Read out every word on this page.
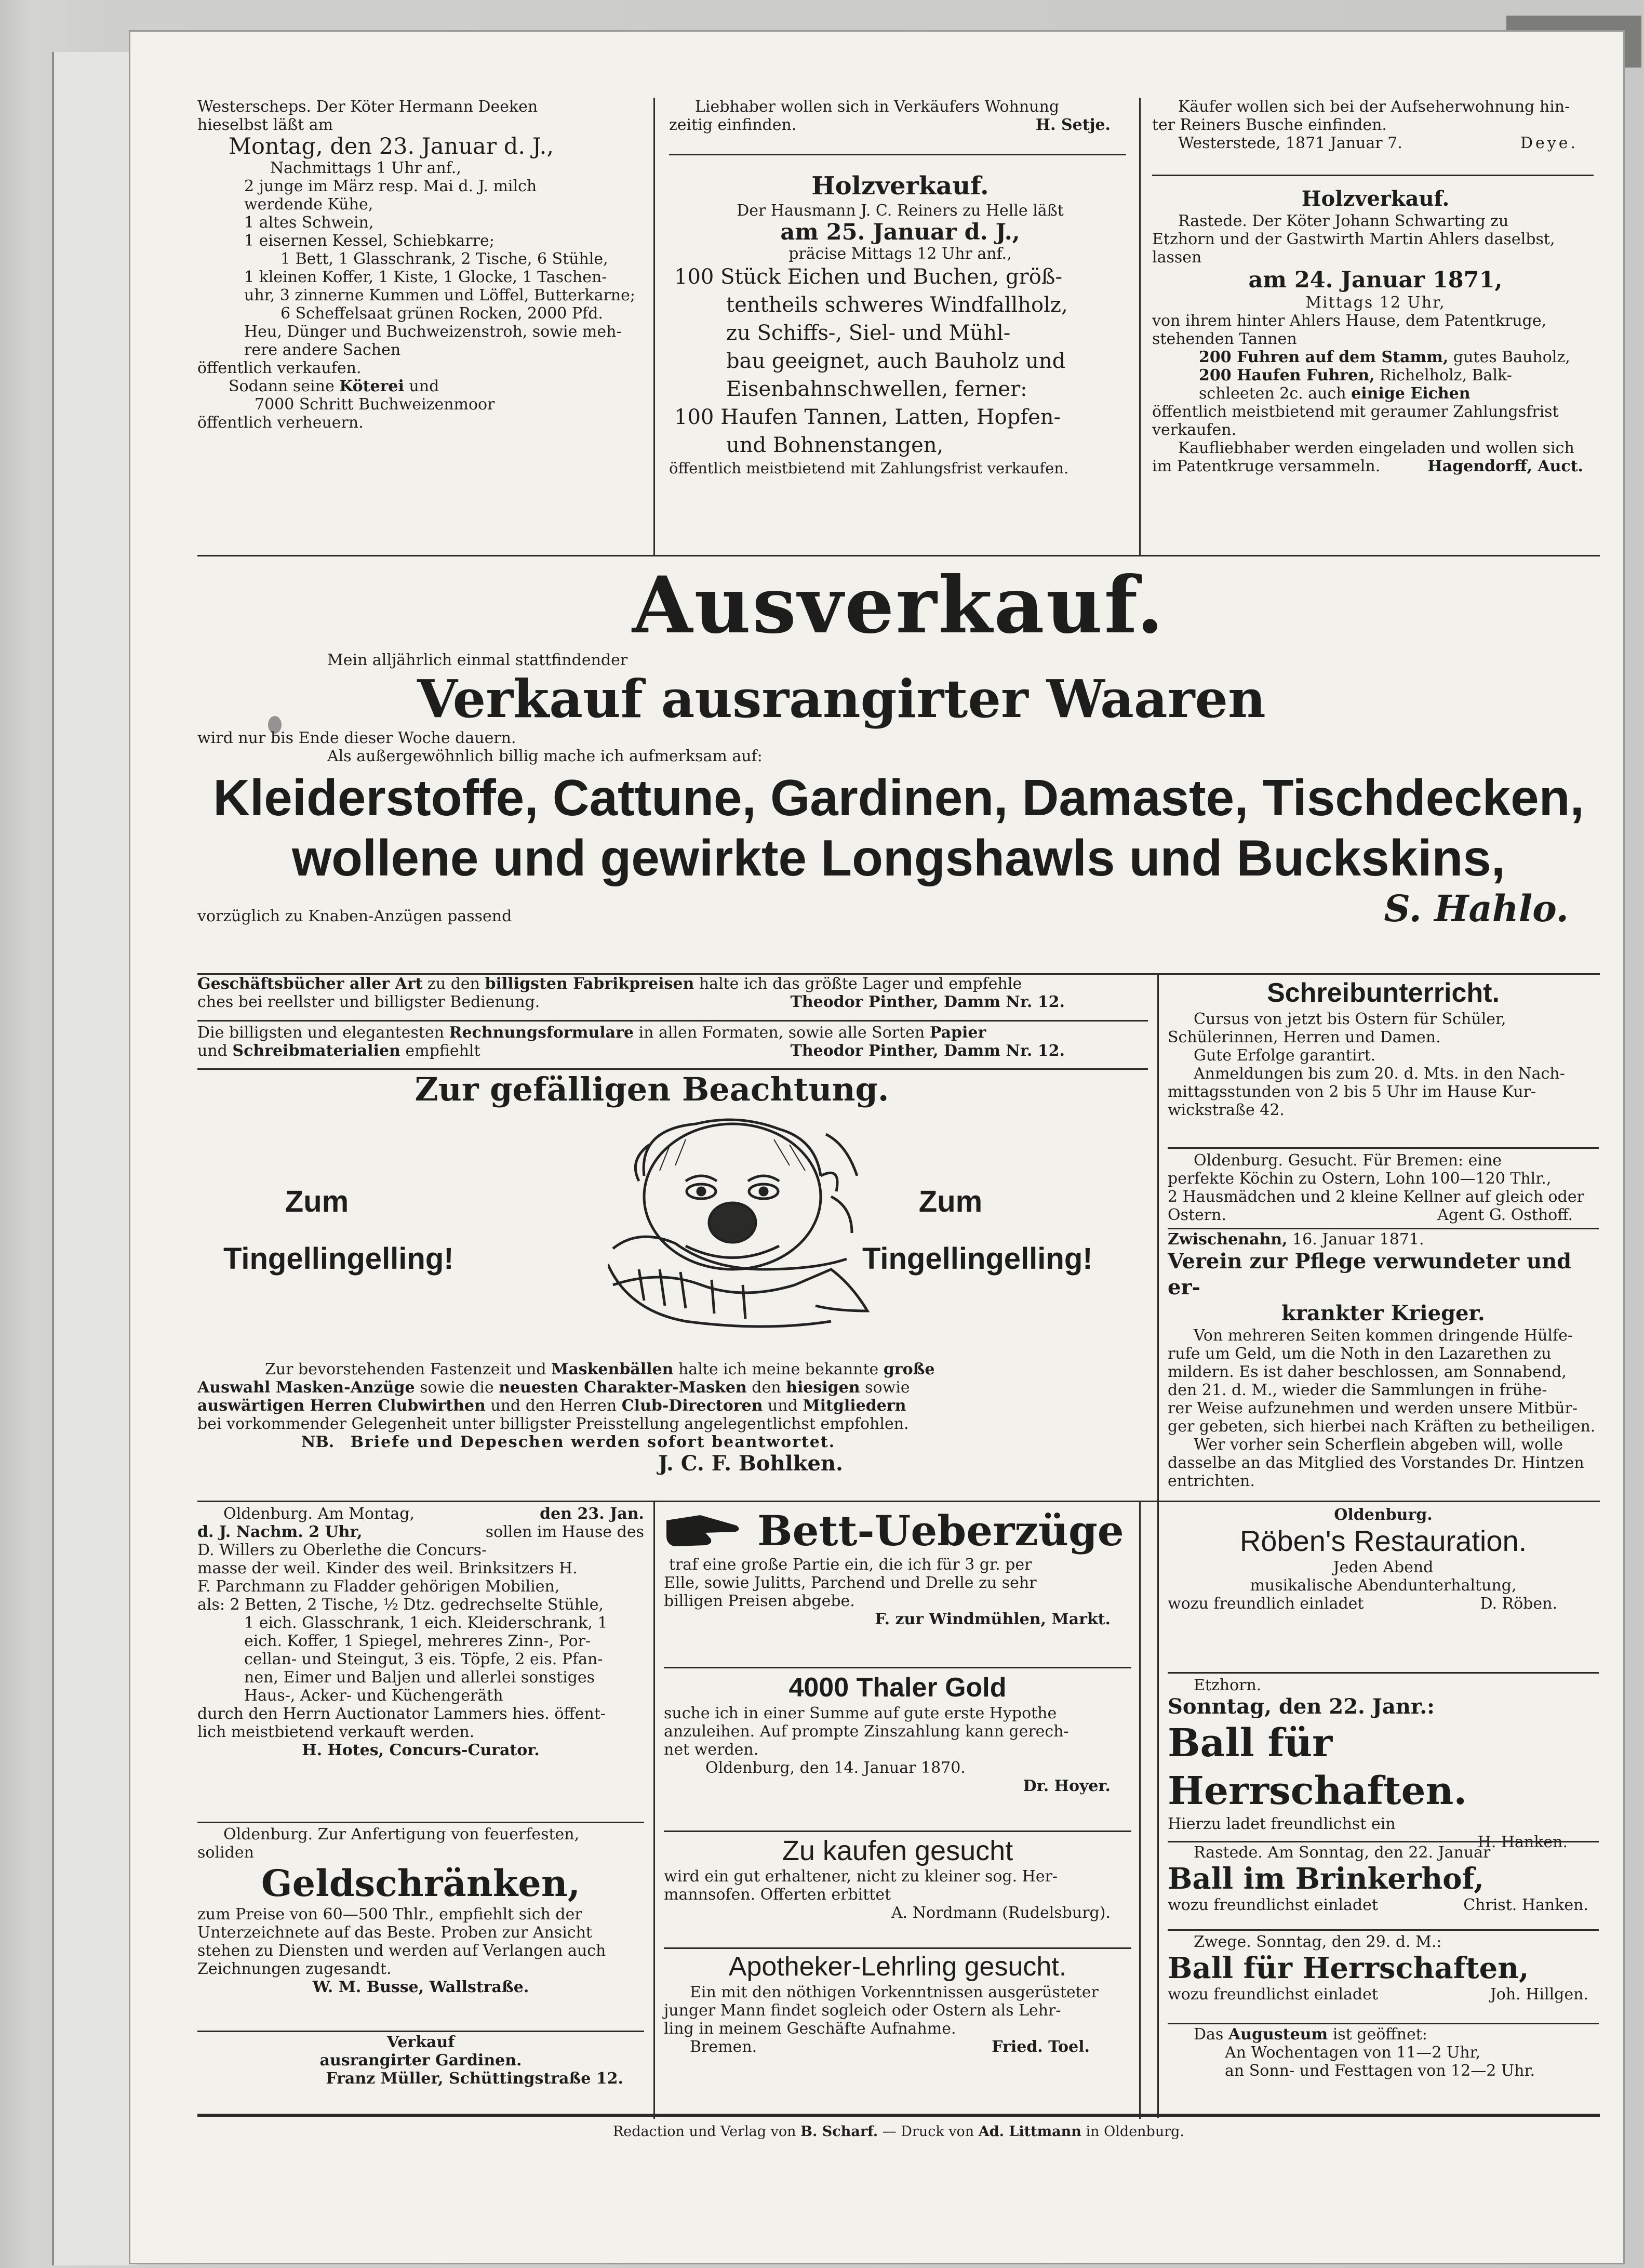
Westerscheps. Der Köter Hermann Deeken

hieselbst läßt am

Montag, den 23. Januar d. J.,

Nachmittags 1 Uhr anf.,

2 junge im März resp. Mai d. J. milch

werdende Kühe,

1 altes Schwein,

1 eisernen Kessel, Schiebkarre;

1 Bett, 1 Glasschrank, 2 Tische, 6 Stühle,

1 kleinen Koffer, 1 Kiste, 1 Glocke, 1 Taschen-

uhr, 3 zinnerne Kummen und Löffel, Butterkarne;

6 Scheffelsaat grünen Rocken, 2000 Pfd.

Heu, Dünger und Buchweizenstroh, sowie meh-

rere andere Sachen

öffentlich verkaufen.

Sodann seine Köterei und

7000 Schritt Buchweizenmoor

öffentlich verheuern.

Liebhaber wollen sich in Verkäufers Wohnung

zeitig einfinden.	H. Setje.

Holzverkauf.

Der Hausmann J. C. Reiners zu Helle läßt

am 25. Januar d. J.,

präcise Mittags 12 Uhr anf.,

100 Stück Eichen und Buchen, größ-

tentheils schweres Windfallholz,

zu Schiffs-, Siel- und Mühl-

bau geeignet, auch Bauholz und

Eisenbahnschwellen, ferner:

100 Haufen Tannen, Latten, Hopfen-

und Bohnenstangen,

öffentlich meistbietend mit Zahlungsfrist verkaufen.

Käufer wollen sich bei der Aufseherwohnung hin-

ter Reiners Busche einfinden.

Westerstede, 1871 Januar 7.	Deye.

Holzverkauf.

Rastede. Der Köter Johann Schwarting zu

Etzhorn und der Gastwirth Martin Ahlers daselbst,

lassen

am 24. Januar 1871,

Mittags 12 Uhr,

von ihrem hinter Ahlers Hause, dem Patentkruge,

stehenden Tannen

200 Fuhren auf dem Stamm, gutes Bauholz,

200 Haufen Fuhren, Richelholz, Balk-

schleeten 2c. auch einige Eichen

öffentlich meistbietend mit geraumer Zahlungsfrist

verkaufen.

Kaufliebhaber werden eingeladen und wollen sich

im Patentkruge versammeln.	Hagendorff, Auct.

Ausverkauf.

Mein alljährlich einmal stattfindender

Verkauf ausrangirter Waaren

wird nur bis Ende dieser Woche dauern.

Als außergewöhnlich billig mache ich aufmerksam auf:

Kleiderstoffe, Cattune, Gardinen, Damaste, Tischdecken,

wollene und gewirkte Longshawls und Buckskins,

vorzüglich zu Knaben-Anzügen passend	S. Hahlo.

Geschäftsbücher aller Art zu den billigsten Fabrikpreisen halte ich das größte Lager und empfehle

ches bei reellster und billigster Bedienung.	Theodor Pinther, Damm Nr. 12.

Die billigsten und elegantesten Rechnungsformulare in allen Formaten, sowie alle Sorten Papier

und Schreibmaterialien empfiehlt	Theodor Pinther, Damm Nr. 12.

Zur gefälligen Beachtung.

Zum

Tingellingelling!

Zum

Tingellingelling!

Zur bevorstehenden Fastenzeit und Maskenbällen halte ich meine bekannte große

Auswahl Masken-Anzüge sowie die neuesten Charakter-Masken den hiesigen sowie

auswärtigen Herren Clubwirthen und den Herren Club-Directoren und Mitgliedern

bei vorkommender Gelegenheit unter billigster Preisstellung angelegentlichst empfohlen.

NB. Briefe und Depeschen werden sofort beantwortet.

J. C. F. Bohlken.

Schreibunterricht.

Cursus von jetzt bis Ostern für Schüler,

Schülerinnen, Herren und Damen.

Gute Erfolge garantirt.

Anmeldungen bis zum 20. d. Mts. in den Nach-

mittagsstunden von 2 bis 5 Uhr im Hause Kur-

wickstraße 42.

Oldenburg. Gesucht. Für Bremen: eine

perfekte Köchin zu Ostern, Lohn 100—120 Thlr.,

2 Hausmädchen und 2 kleine Kellner auf gleich oder

Ostern.	Agent G. Osthoff.

Zwischenahn, 16. Januar 1871.

Verein zur Pflege verwundeter und er-

krankter Krieger.

Von mehreren Seiten kommen dringende Hülfe-

rufe um Geld, um die Noth in den Lazarethen zu

mildern. Es ist daher beschlossen, am Sonnabend,

den 21. d. M., wieder die Sammlungen in frühe-

rer Weise aufzunehmen und werden unsere Mitbür-

ger gebeten, sich hierbei nach Kräften zu betheiligen.

Wer vorher sein Scherflein abgeben will, wolle

dasselbe an das Mitglied des Vorstandes Dr. Hintzen

entrichten.

Oldenburg. Am Montag,	den 23. Jan.

d. J. Nachm. 2 Uhr,	sollen im Hause des

D. Willers zu Oberlethe die Concurs-

masse der weil. Kinder des weil. Brinksitzers H.

F. Parchmann zu Fladder gehörigen Mobilien,

als: 2 Betten, 2 Tische, ½ Dtz. gedrechselte Stühle,

1 eich. Glasschrank, 1 eich. Kleiderschrank, 1

eich. Koffer, 1 Spiegel, mehreres Zinn-, Por-

cellan- und Steingut, 3 eis. Töpfe, 2 eis. Pfan-

nen, Eimer und Baljen und allerlei sonstiges

Haus-, Acker- und Küchengeräth

durch den Herrn Auctionator Lammers hies. öffent-

lich meistbietend verkauft werden.

H. Hotes, Concurs-Curator.

Oldenburg. Zur Anfertigung von feuerfesten,

soliden

Geldschränken,

zum Preise von 60—500 Thlr., empfiehlt sich der

Unterzeichnete auf das Beste. Proben zur Ansicht

stehen zu Diensten und werden auf Verlangen auch

Zeichnungen zugesandt.

W. M. Busse, Wallstraße.

Verkauf

ausrangirter Gardinen.

Franz Müller, Schüttingstraße 12.

Bett-Ueberzüge

traf eine große Partie ein, die ich für 3 gr. per

Elle, sowie Julitts, Parchend und Drelle zu sehr

billigen Preisen abgebe.

F. zur Windmühlen, Markt.

4000 Thaler Gold

suche ich in einer Summe auf gute erste Hypothe

anzuleihen. Auf prompte Zinszahlung kann gerech-

net werden.

Oldenburg, den 14. Januar 1870.

Dr. Hoyer.

Zu kaufen gesucht

wird ein gut erhaltener, nicht zu kleiner sog. Her-

mannsofen. Offerten erbittet

A. Nordmann (Rudelsburg).

Apotheker-Lehrling gesucht.

Ein mit den nöthigen Vorkenntnissen ausgerüsteter

junger Mann findet sogleich oder Ostern als Lehr-

ling in meinem Geschäfte Aufnahme.

Bremen.	Fried. Toel.

Oldenburg.

Röben's Restauration.

Jeden Abend

musikalische Abendunterhaltung,

wozu freundlich einladet	D. Röben.

Etzhorn.

Sonntag, den 22. Janr.:

Ball für Herrschaften.

Hierzu ladet freundlichst ein

H. Hanken.

Rastede. Am Sonntag, den 22. Januar

Ball im Brinkerhof,

wozu freundlichst einladet	Christ. Hanken.

Zwege. Sonntag, den 29. d. M.:

Ball für Herrschaften,

wozu freundlichst einladet	Joh. Hillgen.

Das Augusteum ist geöffnet:

An Wochentagen von 11—2 Uhr,

an Sonn- und Festtagen von 12—2 Uhr.

Redaction und Verlag von B. Scharf. — Druck von Ad. Littmann in Oldenburg.
